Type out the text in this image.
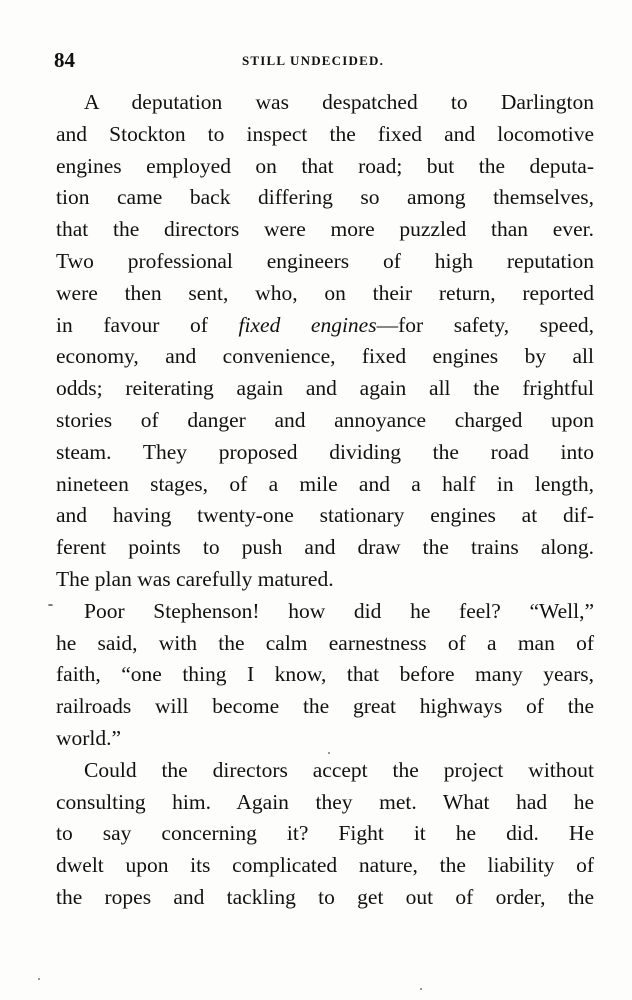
84	STILL UNDECIDED.
A deputation was despatched to Darlington
and Stockton to inspect the fixed and locomotive
engines employed on that road; but the deputa-
tion came back differing so among themselves,
that the directors were more puzzled than ever.
Two professional engineers of high reputation
were then sent, who, on their return, reported
in favour of fixed engines—for safety, speed,
economy, and convenience, fixed engines by all
odds; reiterating again and again all the frightful
stories of danger and annoyance charged upon
steam. They proposed dividing the road into
nineteen stages, of a mile and a half in length,
and having twenty-one stationary engines at dif-
ferent points to push and draw the trains along.
The plan was carefully matured.
Poor Stephenson! how did he feel? “Well,”
he said, with the calm earnestness of a man of
faith, “one thing I know, that before many years,
railroads will become the great highways of the
world.”
Could the directors accept the project without
consulting him. Again they met. What had he
to say concerning it? Fight it he did. He
dwelt upon its complicated nature, the liability of
the ropes and tackling to get out of order, the
